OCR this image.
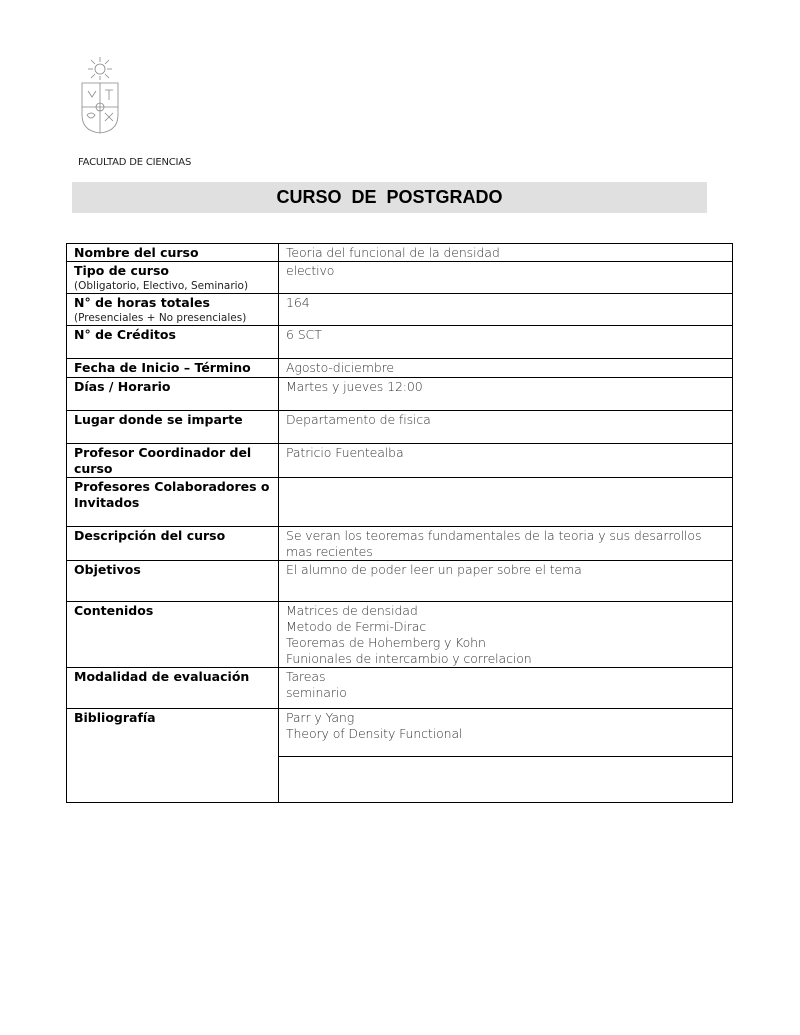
FACULTAD DE CIENCIAS
CURSO DE POSTGRADO
Nombre del curso	Teoria del funcional de la densidad

Tipo de curso
(Obligatorio, Electivo, Seminario)	electivo

N° de horas totales
(Presenciales + No presenciales)	164

N° de Créditos	6 SCT

Fecha de Inicio – Término	Agosto-diciembre

Días / Horario	Martes y jueves 12:00

Lugar donde se imparte	Departamento de fisica

Profesor Coordinador del curso	Patricio Fuentealba

Profesores Colaboradores o Invitados	
Descripción del curso	Se veran los teoremas fundamentales de la teoria y sus desarrollos mas recientes

Objetivos	El alumno de poder leer un paper sobre el tema

Contenidos	Matrices de densidad
Metodo de Fermi-Dirac
Teoremas de Hohemberg y Kohn
Funionales de intercambio y correlacion

Modalidad de evaluación	Tareas
seminario

Bibliografía	Parr y Yang
Theory of Density Functional
